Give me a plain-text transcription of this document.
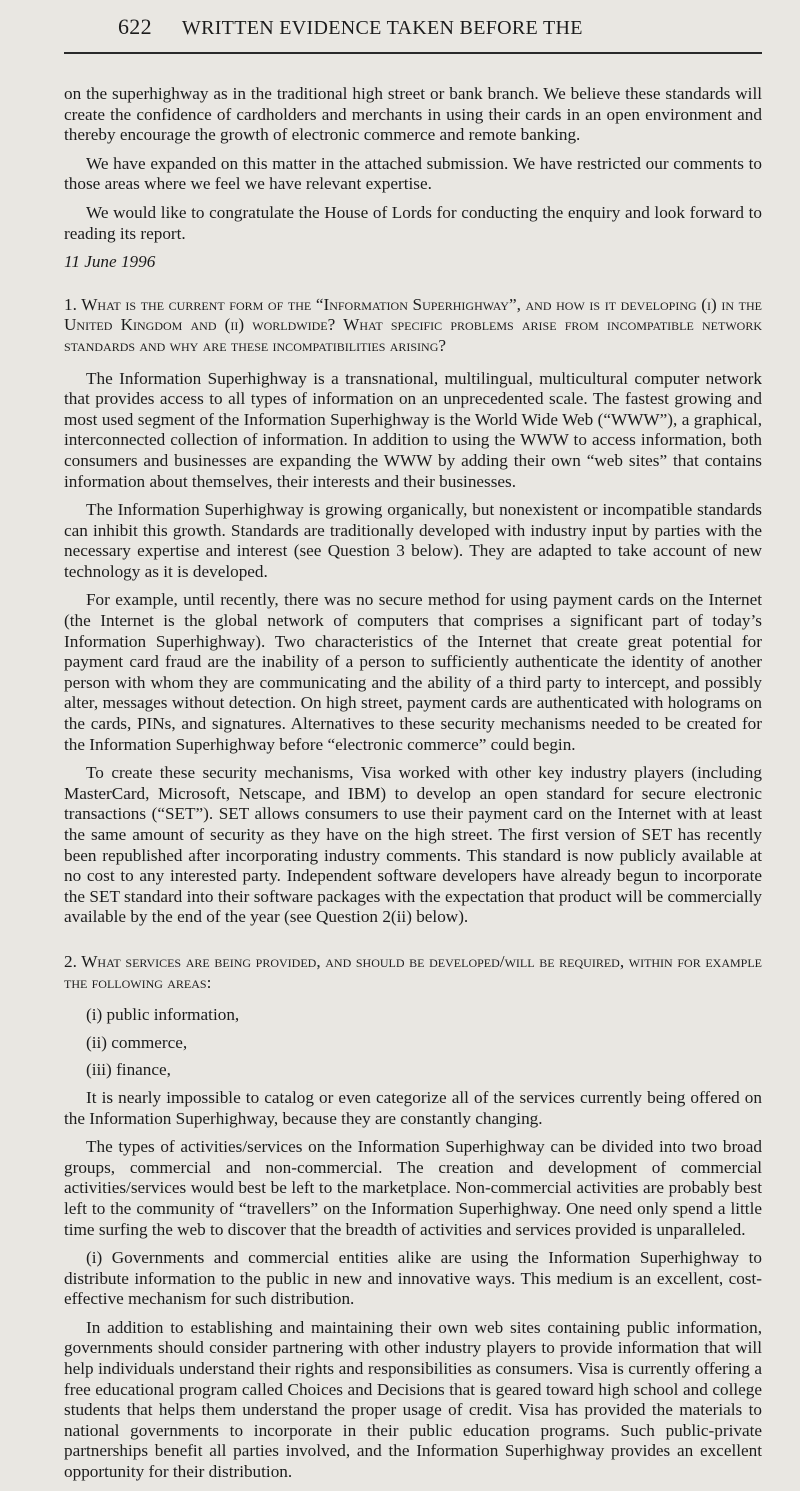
622 WRITTEN EVIDENCE TAKEN BEFORE THE

on the superhighway as in the traditional high street or bank branch. We believe these standards will create the confidence of cardholders and merchants in using their cards in an open environment and thereby encourage the growth of electronic commerce and remote banking.

We have expanded on this matter in the attached submission. We have restricted our comments to those areas where we feel we have relevant expertise.

We would like to congratulate the House of Lords for conducting the enquiry and look forward to reading its report.

11 June 1996
1. What is the current form of the “Information Superhighway”, and how is it developing (i) in the United Kingdom and (ii) worldwide? What specific problems arise from incompatible network standards and why are these incompatibilities arising?

The Information Superhighway is a transnational, multilingual, multicultural computer network that provides access to all types of information on an unprecedented scale. The fastest growing and most used segment of the Information Superhighway is the World Wide Web (“WWW”), a graphical, interconnected collection of information. In addition to using the WWW to access information, both consumers and businesses are expanding the WWW by adding their own “web sites” that contains information about themselves, their interests and their businesses.

The Information Superhighway is growing organically, but nonexistent or incompatible standards can inhibit this growth. Standards are traditionally developed with industry input by parties with the necessary expertise and interest (see Question 3 below). They are adapted to take account of new technology as it is developed.

For example, until recently, there was no secure method for using payment cards on the Internet (the Internet is the global network of computers that comprises a significant part of today’s Information Superhighway). Two characteristics of the Internet that create great potential for payment card fraud are the inability of a person to sufficiently authenticate the identity of another person with whom they are communicating and the ability of a third party to intercept, and possibly alter, messages without detection. On high street, payment cards are authenticated with holograms on the cards, PINs, and signatures. Alternatives to these security mechanisms needed to be created for the Information Superhighway before “electronic commerce” could begin.

To create these security mechanisms, Visa worked with other key industry players (including MasterCard, Microsoft, Netscape, and IBM) to develop an open standard for secure electronic transactions (“SET”). SET allows consumers to use their payment card on the Internet with at least the same amount of security as they have on the high street. The first version of SET has recently been republished after incorporating industry comments. This standard is now publicly available at no cost to any interested party. Independent software developers have already begun to incorporate the SET standard into their software packages with the expectation that product will be commercially available by the end of the year (see Question 2(ii) below).

2. What services are being provided, and should be developed/will be required, within for example the following areas:
(i) public information,
(ii) commerce,
(iii) finance,

It is nearly impossible to catalog or even categorize all of the services currently being offered on the Information Superhighway, because they are constantly changing.

The types of activities/services on the Information Superhighway can be divided into two broad groups, commercial and non-commercial. The creation and development of commercial activities/services would best be left to the marketplace. Non-commercial activities are probably best left to the community of “travellers” on the Information Superhighway. One need only spend a little time surfing the web to discover that the breadth of activities and services provided is unparalleled.

(i) Governments and commercial entities alike are using the Information Superhighway to distribute information to the public in new and innovative ways. This medium is an excellent, cost-effective mechanism for such distribution.

In addition to establishing and maintaining their own web sites containing public information, governments should consider partnering with other industry players to provide information that will help individuals understand their rights and responsibilities as consumers. Visa is currently offering a free educational program called Choices and Decisions that is geared toward high school and college students that helps them understand the proper usage of credit. Visa has provided the materials to national governments to incorporate in their public education programs. Such public-private partnerships benefit all parties involved, and the Information Superhighway provides an excellent opportunity for their distribution.
